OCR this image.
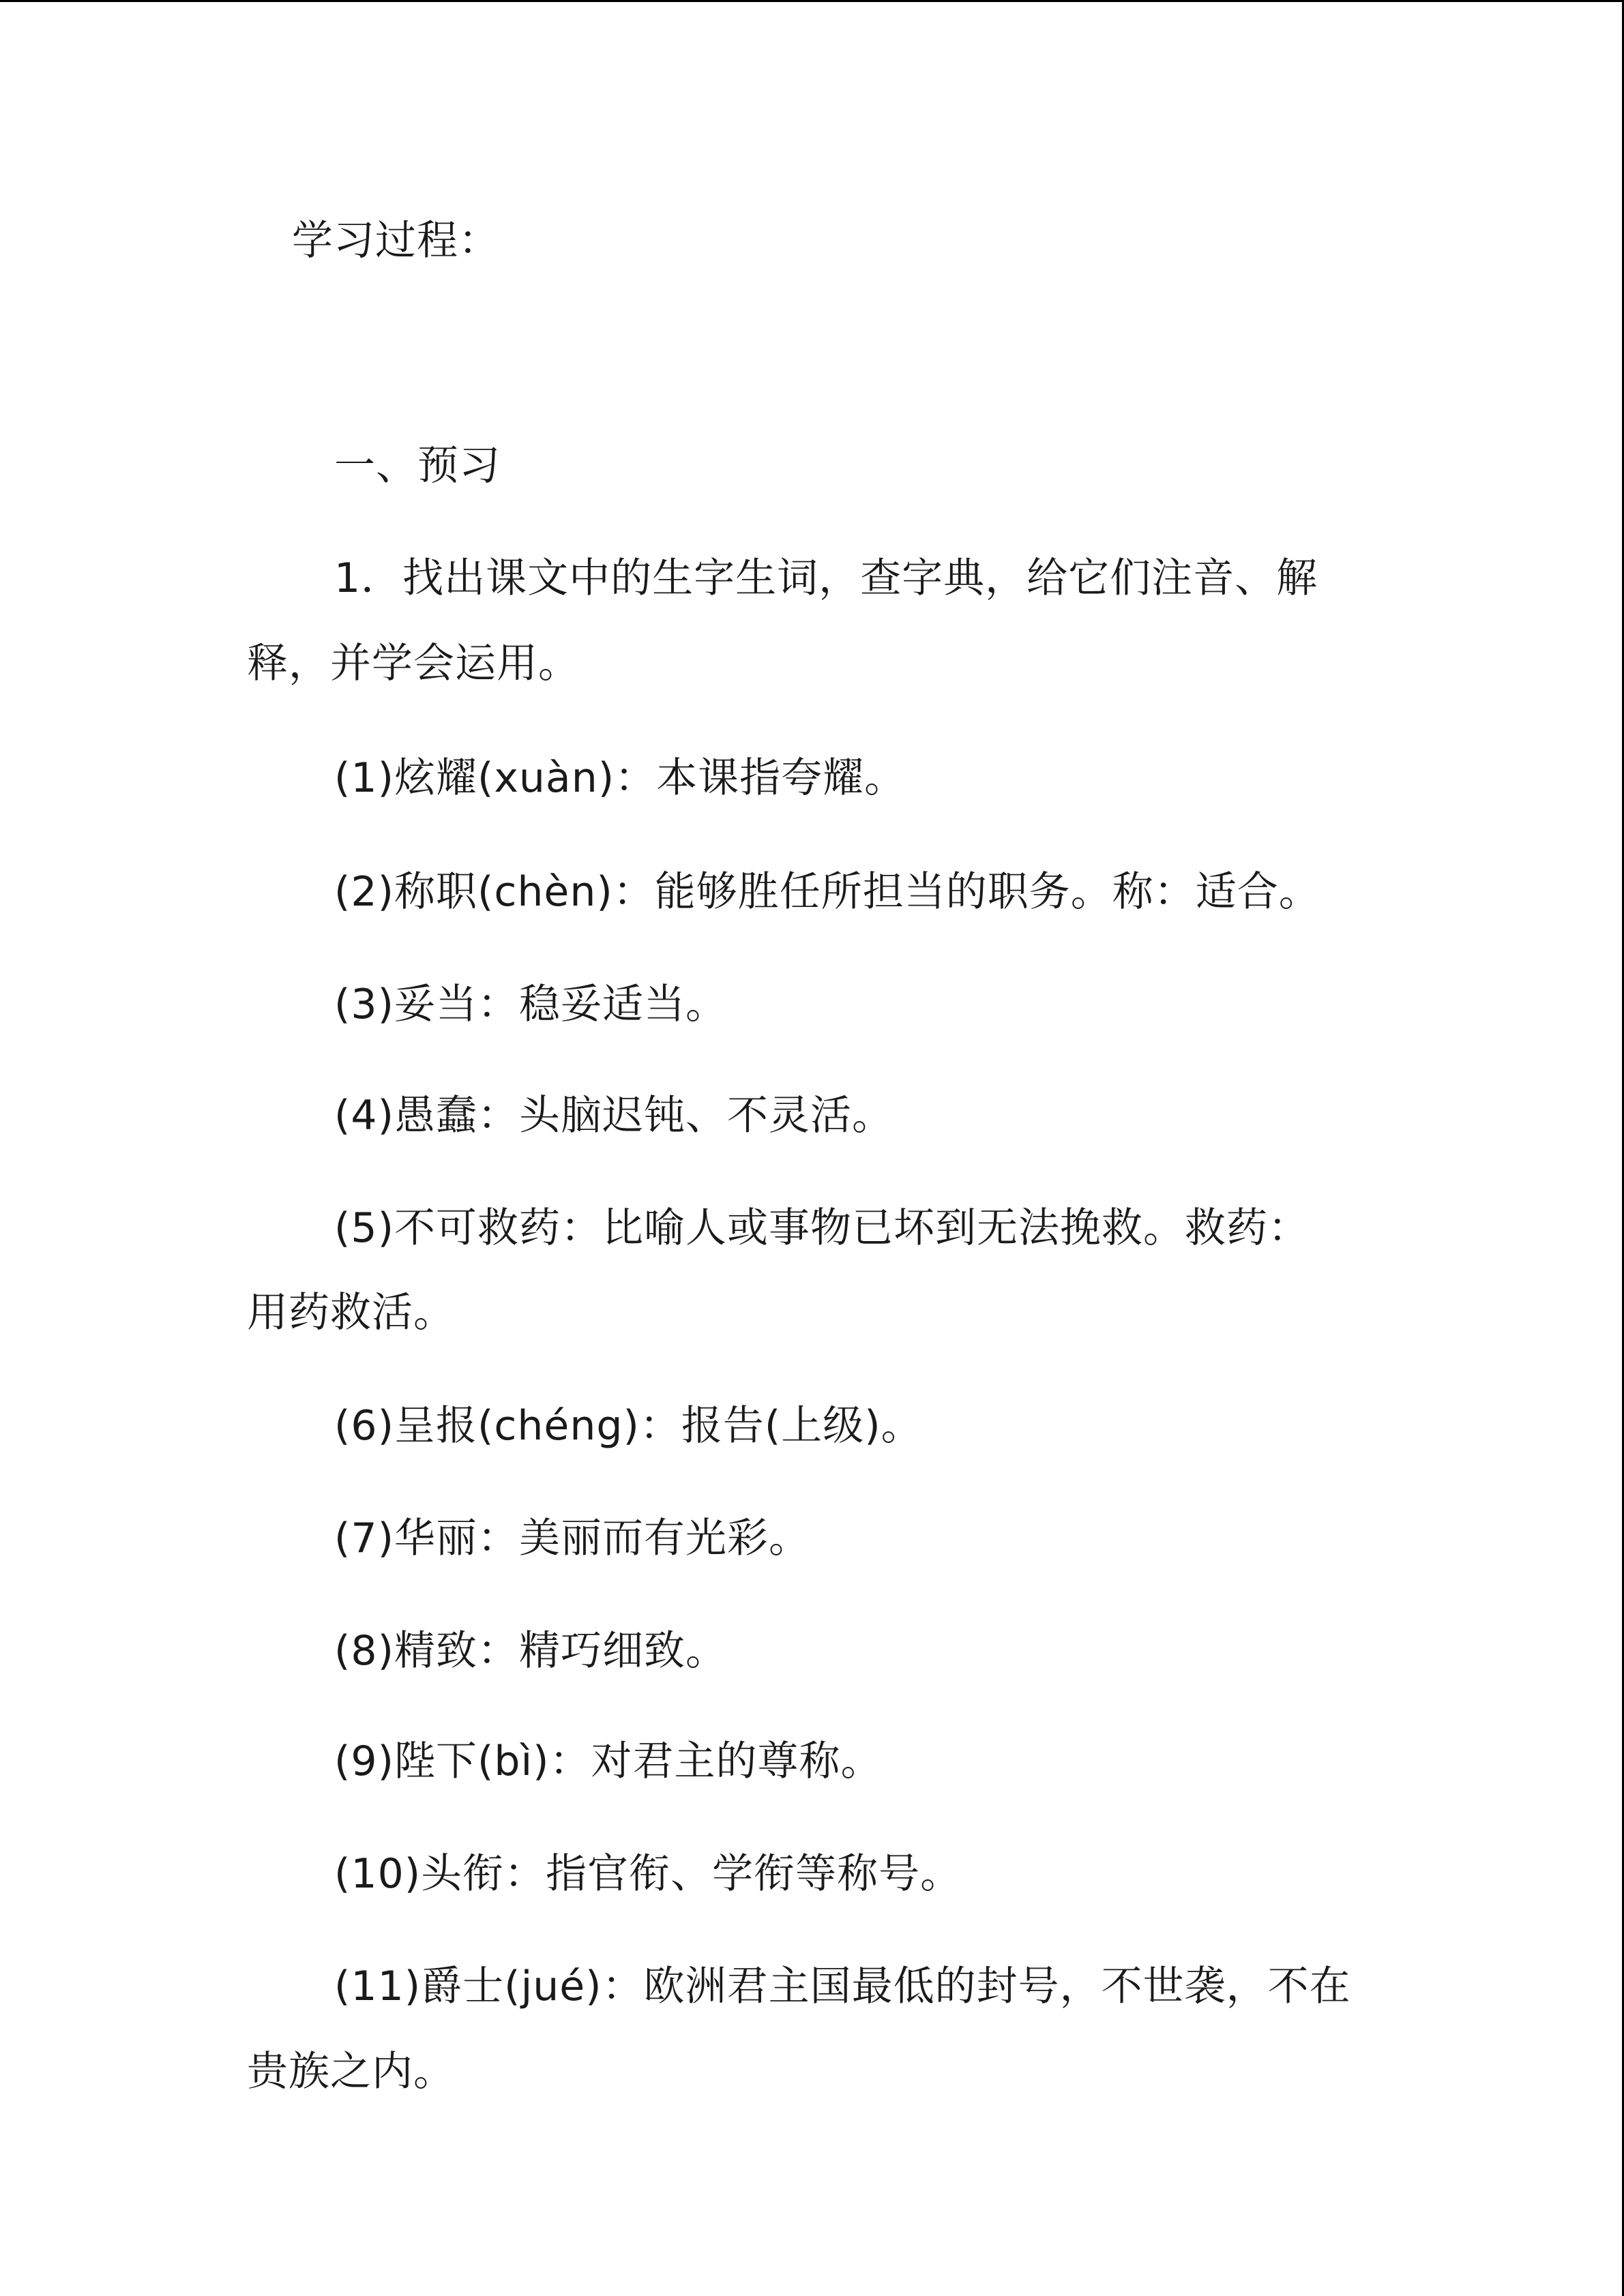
学习过程：

一、预习

1．找出课文中的生字生词，查字典，给它们注音、解

释，并学会运用。

(1)炫耀(xuàn)：本课指夸耀。

(2)称职(chèn)：能够胜任所担当的职务。称：适合。

(3)妥当：稳妥适当。

(4)愚蠢：头脑迟钝、不灵活。

(5)不可救药：比喻人或事物已坏到无法挽救。救药：

用药救活。

(6)呈报(chéng)：报告(上级)。

(7)华丽：美丽而有光彩。

(8)精致：精巧细致。

(9)陛下(bì)：对君主的尊称。

(10)头衔：指官衔、学衔等称号。

(11)爵士(jué)：欧洲君主国最低的封号，不世袭，不在

贵族之内。
